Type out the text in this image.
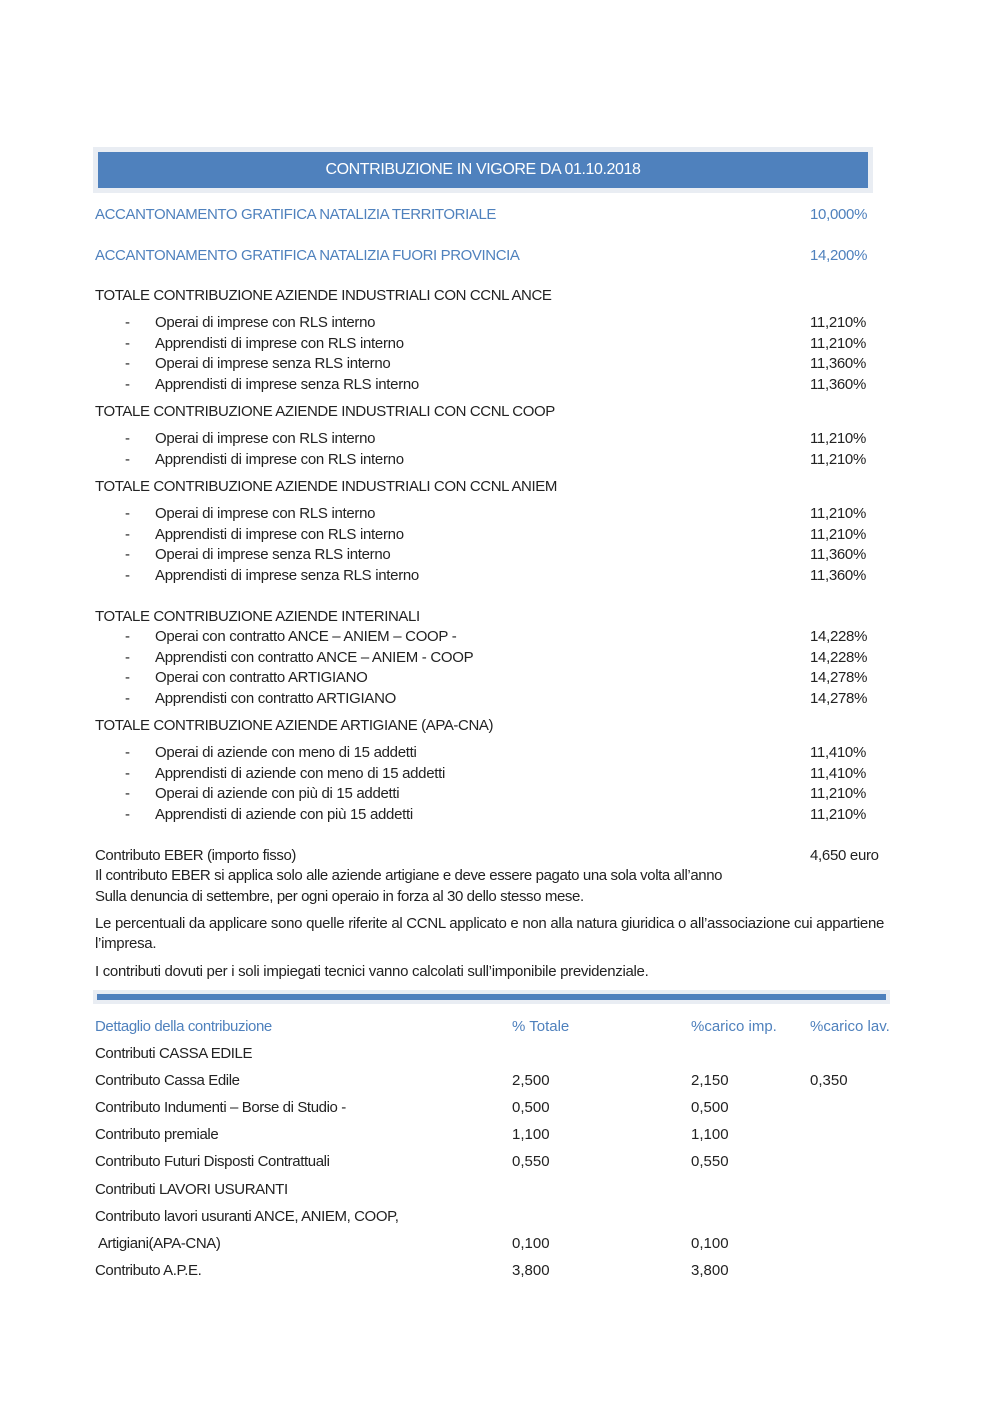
CONTRIBUZIONE IN VIGORE DA 01.10.2018
ACCANTONAMENTO GRATIFICA NATALIZIA TERRITORIALE	10,000%
ACCANTONAMENTO GRATIFICA NATALIZIA FUORI PROVINCIA	14,200%
TOTALE CONTRIBUZIONE AZIENDE INDUSTRIALI CON CCNL ANCE
- Operai di imprese con RLS interno	11,210%
- Apprendisti di imprese con RLS interno	11,210%
- Operai di imprese senza RLS interno	11,360%
- Apprendisti di imprese senza RLS interno	11,360%
TOTALE CONTRIBUZIONE AZIENDE INDUSTRIALI CON CCNL COOP
- Operai di imprese con RLS interno	11,210%
- Apprendisti di imprese con RLS interno	11,210%
TOTALE CONTRIBUZIONE AZIENDE INDUSTRIALI CON CCNL ANIEM
- Operai di imprese con RLS interno	11,210%
- Apprendisti di imprese con RLS interno	11,210%
- Operai di imprese senza RLS interno	11,360%
- Apprendisti di imprese senza RLS interno	11,360%
TOTALE CONTRIBUZIONE AZIENDE INTERINALI
- Operai con contratto ANCE – ANIEM – COOP -	14,228%
- Apprendisti con contratto ANCE – ANIEM - COOP	14,228%
- Operai con contratto ARTIGIANO	14,278%
- Apprendisti con contratto ARTIGIANO	14,278%
TOTALE CONTRIBUZIONE AZIENDE ARTIGIANE (APA-CNA)
- Operai di aziende con meno di 15 addetti	11,410%
- Apprendisti di aziende con meno di 15 addetti	11,410%
- Operai di aziende con più di 15 addetti	11,210%
- Apprendisti di aziende con più 15 addetti	11,210%
Contributo EBER (importo fisso)	4,650 euro
Il contributo EBER si applica solo alle aziende artigiane e deve essere pagato una sola volta all’anno
Sulla denuncia di settembre, per ogni operaio in forza al 30 dello stesso mese.
Le percentuali da applicare sono quelle riferite al CCNL applicato e non alla natura giuridica o all’associazione cui appartiene l’impresa.
I contributi dovuti per i soli impiegati tecnici vanno calcolati sull’imponibile previdenziale.
Dettaglio della contribuzione	% Totale	%carico imp. %carico lav.
Contributi CASSA EDILE
Contributo Cassa Edile	2,500	2,150	0,350
Contributo Indumenti – Borse di Studio -	0,500	0,500
Contributo premiale	1,100	1,100
Contributo Futuri Disposti Contrattuali	0,550	0,550
Contributi LAVORI USURANTI
Contributo lavori usuranti ANCE, ANIEM, COOP,
Artigiani(APA-CNA)	0,100	0,100
Contributo A.P.E.	3,800	3,800
